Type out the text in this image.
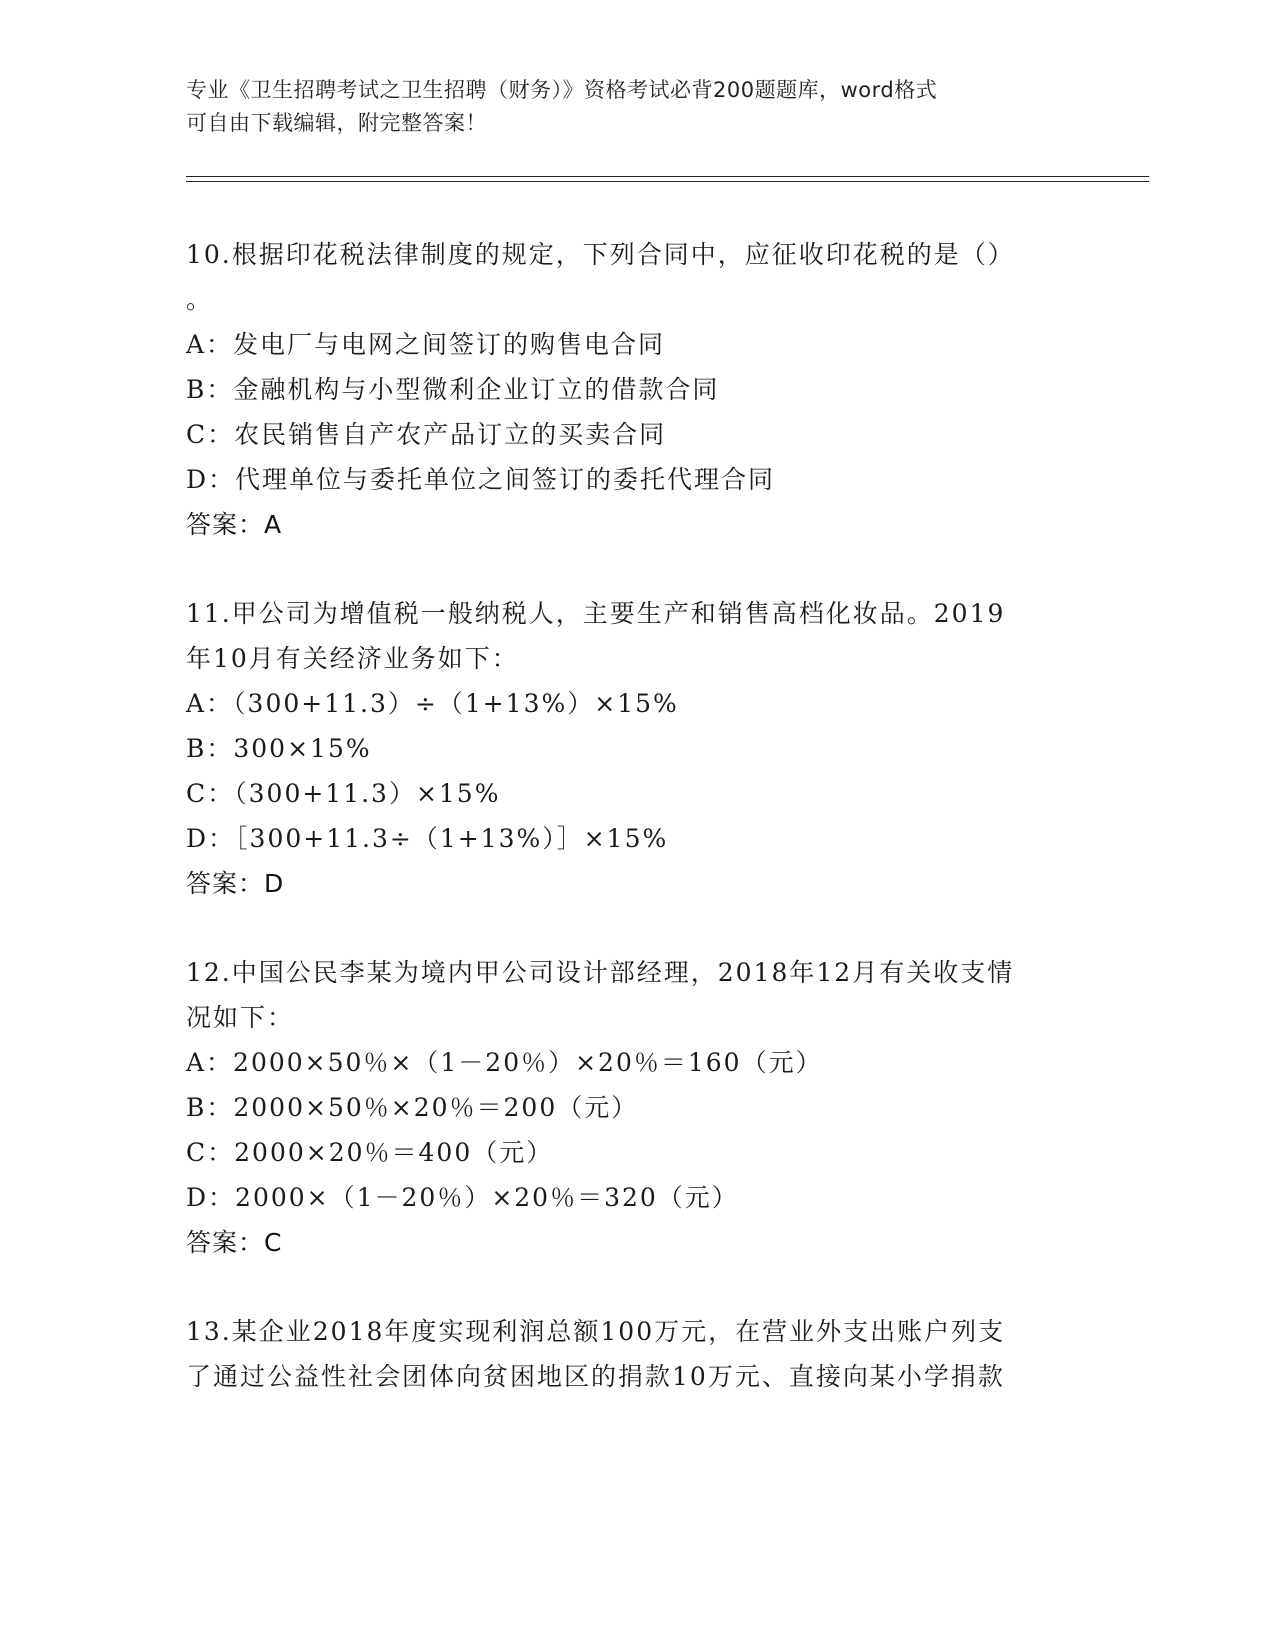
专业《卫生招聘考试之卫生招聘（财务）》资格考试必背200题题库，word格式

可自由下载编辑，附完整答案！

10.根据印花税法律制度的规定，下列合同中，应征收印花税的是（）
。
A：发电厂与电网之间签订的购售电合同
B：金融机构与小型微利企业订立的借款合同
C：农民销售自产农产品订立的买卖合同
D：代理单位与委托单位之间签订的委托代理合同
答案：A
11.甲公司为增值税一般纳税人，主要生产和销售高档化妆品。2019
年10月有关经济业务如下：
A：（300+11.3）÷（1+13%）×15%
B：300×15%
C：（300+11.3）×15%
D：［300+11.3÷（1+13%）］×15%
答案：D
12.中国公民李某为境内甲公司设计部经理，2018年12月有关收支情
况如下：
A：2000×50％×（1－20％）×20％＝160（元）
B：2000×50％×20％＝200（元）
C：2000×20％＝400（元）
D：2000×（1－20％）×20％＝320（元）
答案：C
13.某企业2018年度实现利润总额100万元，在营业外支出账户列支
了通过公益性社会团体向贫困地区的捐款10万元、直接向某小学捐款
